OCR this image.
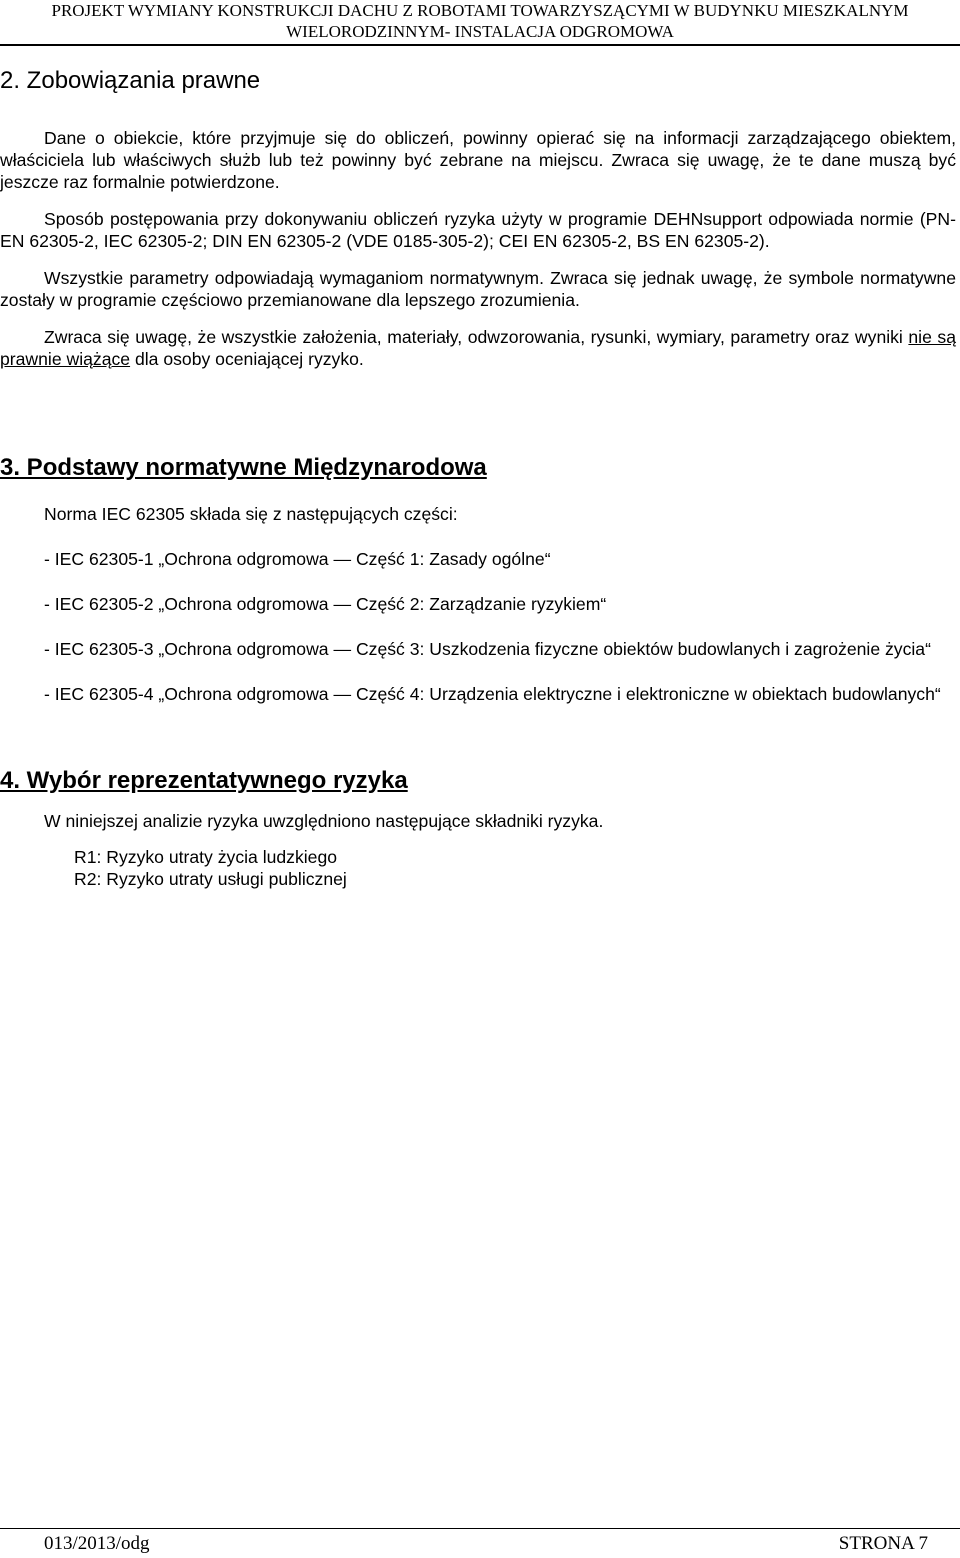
PROJEKT WYMIANY KONSTRUKCJI DACHU Z ROBOTAMI TOWARZYSZĄCYMI W BUDYNKU MIESZKALNYM
WIELORODZINNYM- INSTALACJA ODGROMOWA
2. Zobowiązania prawne

Dane o obiekcie, które przyjmuje się do obliczeń, powinny opierać się na informacji zarządzającego obiektem, właściciela lub właściwych służb lub też powinny być zebrane na miejscu. Zwraca się uwagę, że te dane muszą być jeszcze raz formalnie potwierdzone.

Sposób postępowania przy dokonywaniu obliczeń ryzyka użyty w programie DEHNsupport odpowiada normie (PN-EN 62305-2, IEC 62305-2; DIN EN 62305-2 (VDE 0185-305-2); CEI EN 62305-2, BS EN 62305-2).

Wszystkie parametry odpowiadają wymaganiom normatywnym. Zwraca się jednak uwagę, że symbole normatywne zostały w programie częściowo przemianowane dla lepszego zrozumienia.

Zwraca się uwagę, że wszystkie założenia, materiały, odwzorowania, rysunki, wymiary, parametry oraz wyniki nie są prawnie wiążące dla osoby oceniającej ryzyko.

3. Podstawy normatywne Międzynarodowa

Norma IEC 62305 składa się z następujących części:

- IEC 62305-1 „Ochrona odgromowa — Część 1: Zasady ogólne“

- IEC 62305-2 „Ochrona odgromowa — Część 2: Zarządzanie ryzykiem“

- IEC 62305-3 „Ochrona odgromowa — Część 3: Uszkodzenia fizyczne obiektów budowlanych i zagrożenie życia“

- IEC 62305-4 „Ochrona odgromowa — Część 4: Urządzenia elektryczne i elektroniczne w obiektach budowlanych“

4. Wybór reprezentatywnego ryzyka

W niniejszej analizie ryzyka uwzględniono następujące składniki ryzyka.

R1: Ryzyko utraty życia ludzkiego
R2: Ryzyko utraty usługi publicznej
013/2013/odg	STRONA 7
